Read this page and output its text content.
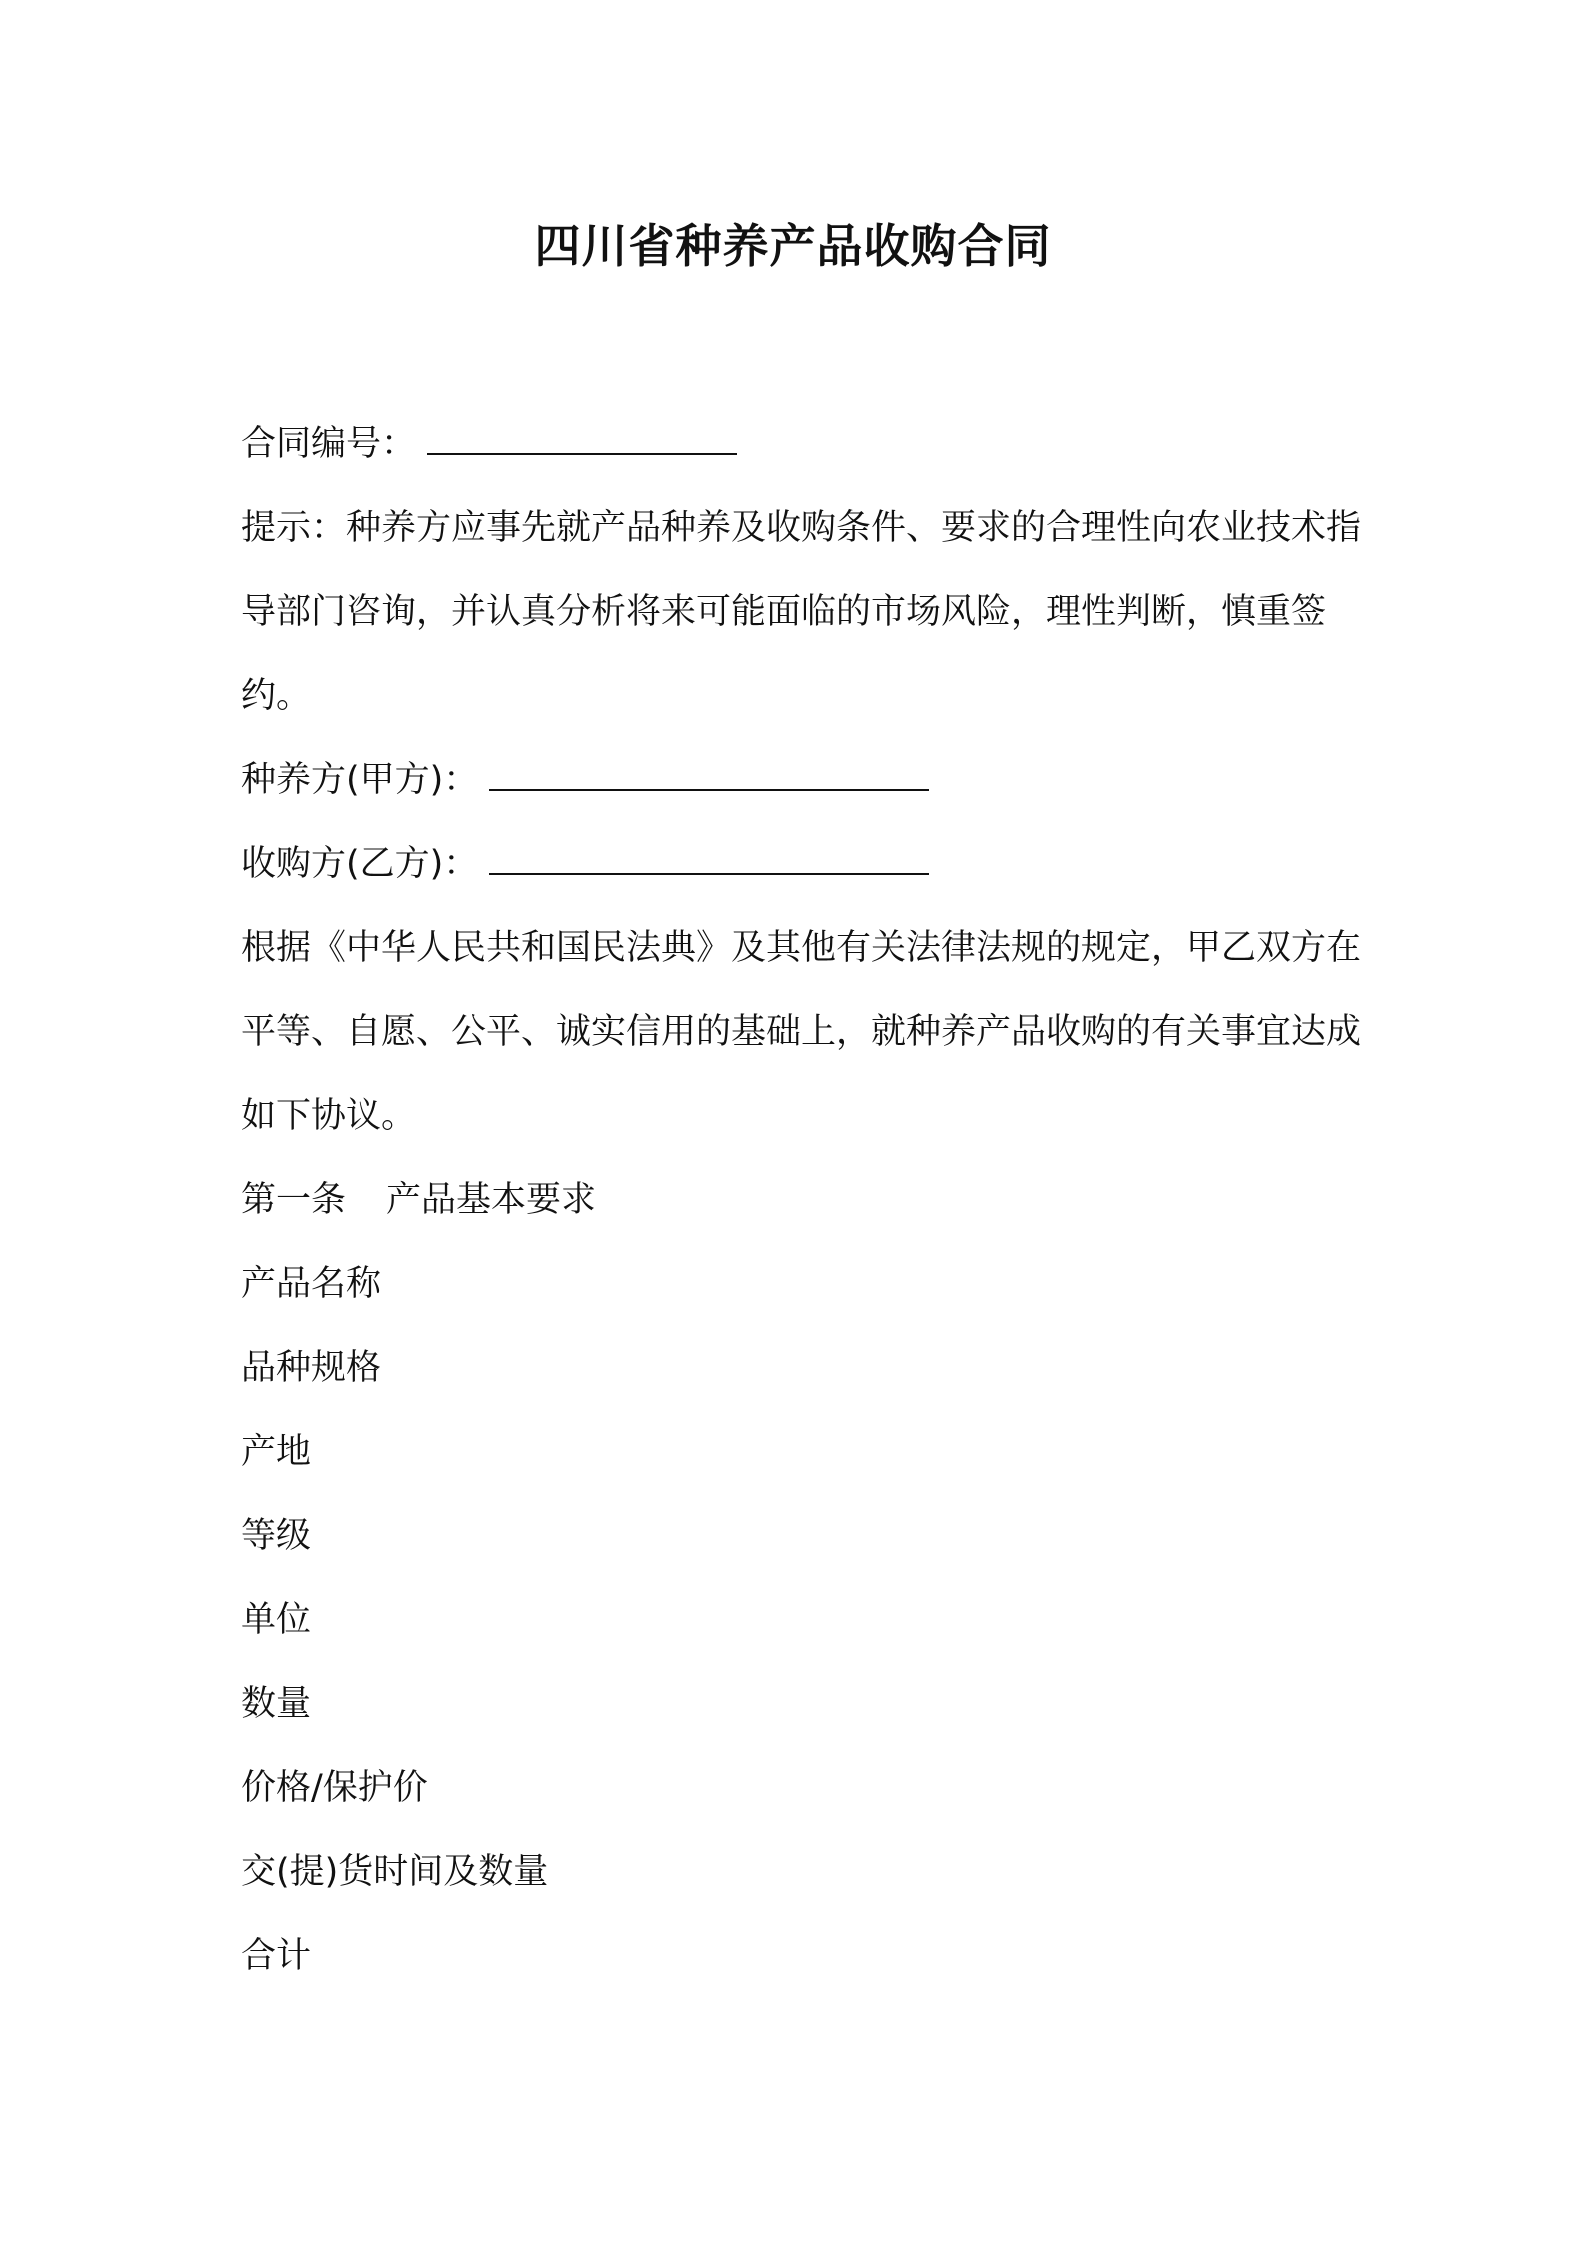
四川省种养产品收购合同

合同编号：

提示：种养方应事先就产品种养及收购条件、要求的合理性向农业技术指导部门咨询，并认真分析将来可能面临的市场风险，理性判断，慎重签约。

种养方(甲方)：

收购方(乙方)：

根据《中华人民共和国民法典》及其他有关法律法规的规定，甲乙双方在平等、自愿、公平、诚实信用的基础上，就种养产品收购的有关事宜达成如下协议。

第一条 产品基本要求

产品名称

品种规格

产地

等级

单位

数量

价格/保护价

交(提)货时间及数量

合计
